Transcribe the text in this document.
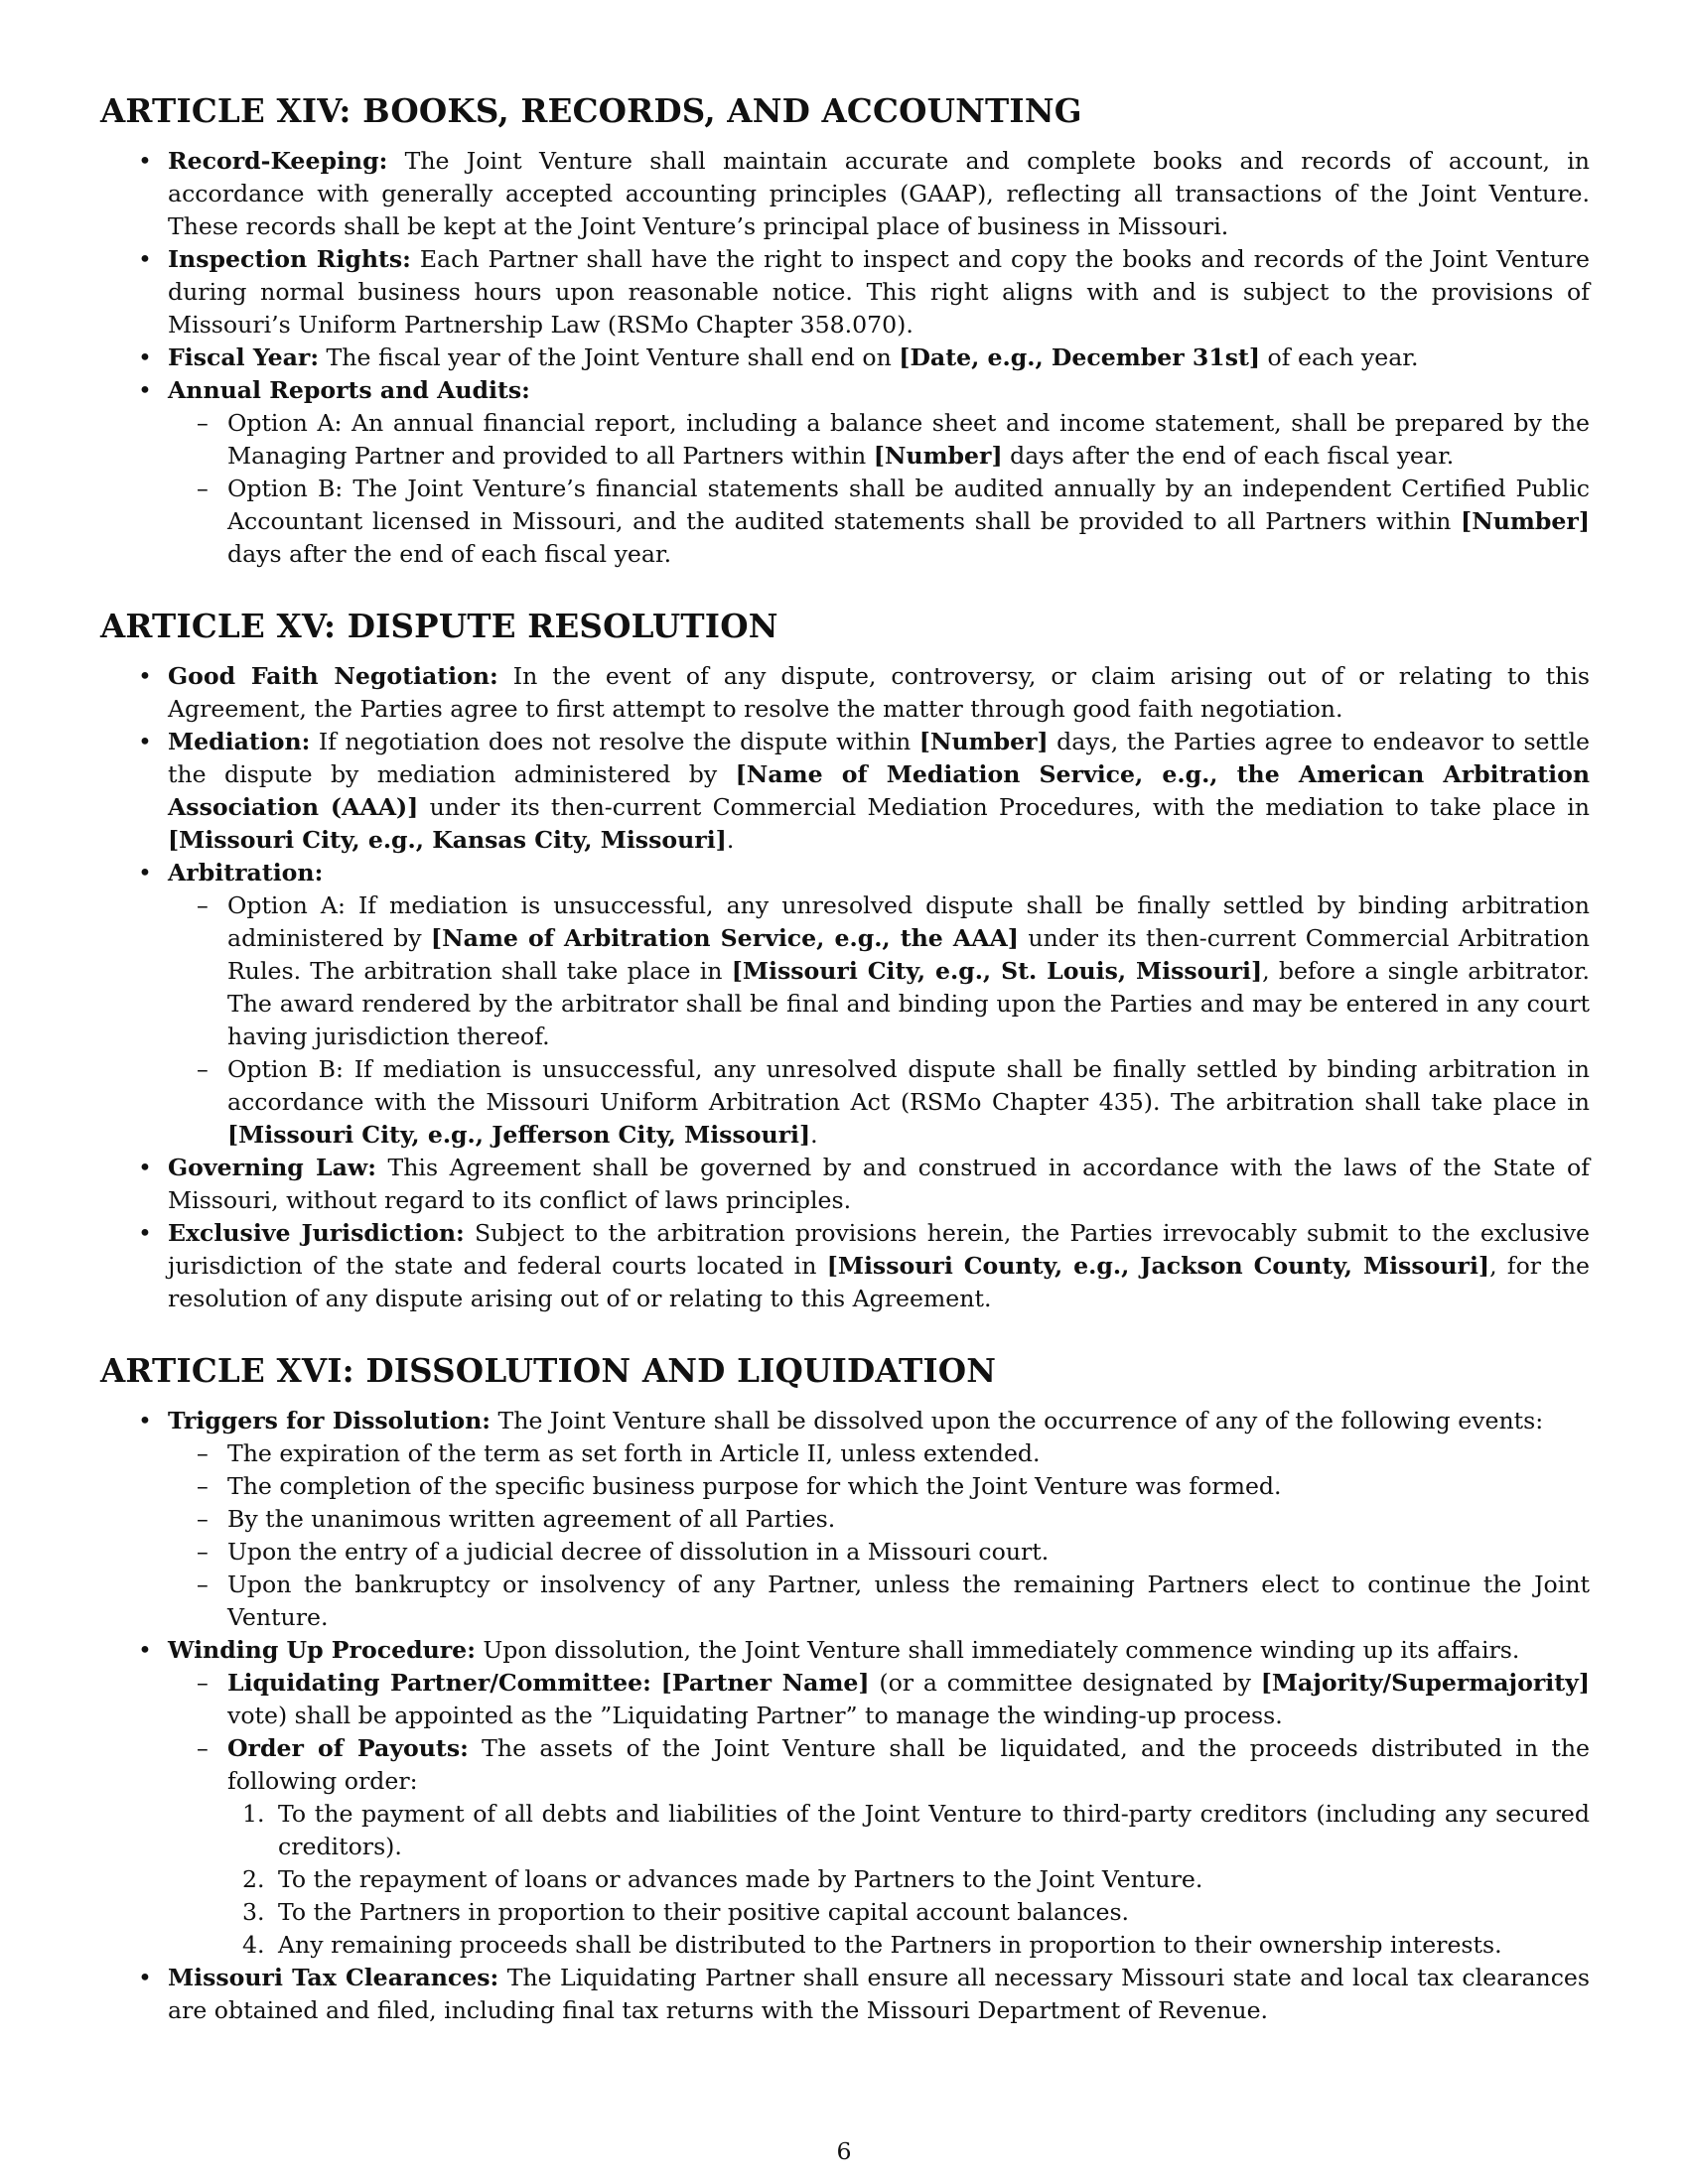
ARTICLE XIV: BOOKS, RECORDS, AND ACCOUNTING
• Record-Keeping: The Joint Venture shall maintain accurate and complete books and records of account, in accordance with generally accepted accounting principles (GAAP), reflecting all transactions of the Joint Venture. These records shall be kept at the Joint Venture’s principal place of business in Missouri.
• Inspection Rights: Each Partner shall have the right to inspect and copy the books and records of the Joint Venture during normal business hours upon reasonable notice. This right aligns with and is subject to the provisions of Missouri’s Uniform Partnership Law (RSMo Chapter 358.070).
• Fiscal Year: The fiscal year of the Joint Venture shall end on [Date, e.g., December 31st] of each year.
• Annual Reports and Audits:
– Option A: An annual financial report, including a balance sheet and income statement, shall be prepared by the Managing Partner and provided to all Partners within [Number] days after the end of each fiscal year.
– Option B: The Joint Venture’s financial statements shall be audited annually by an independent Certified Public Accountant licensed in Missouri, and the audited statements shall be provided to all Partners within [Number] days after the end of each fiscal year.
ARTICLE XV: DISPUTE RESOLUTION
• Good Faith Negotiation: In the event of any dispute, controversy, or claim arising out of or relating to this Agreement, the Parties agree to first attempt to resolve the matter through good faith negotiation.
• Mediation: If negotiation does not resolve the dispute within [Number] days, the Parties agree to endeavor to settle the dispute by mediation administered by [Name of Mediation Service, e.g., the American Arbitration Association (AAA)] under its then-current Commercial Mediation Procedures, with the mediation to take place in [Missouri City, e.g., Kansas City, Missouri].
• Arbitration:
– Option A: If mediation is unsuccessful, any unresolved dispute shall be finally settled by binding arbitration administered by [Name of Arbitration Service, e.g., the AAA] under its then-current Commercial Arbitration Rules. The arbitration shall take place in [Missouri City, e.g., St. Louis, Missouri], before a single arbitrator. The award rendered by the arbitrator shall be final and binding upon the Parties and may be entered in any court having jurisdiction thereof.
– Option B: If mediation is unsuccessful, any unresolved dispute shall be finally settled by binding arbitration in accordance with the Missouri Uniform Arbitration Act (RSMo Chapter 435). The arbitration shall take place in [Missouri City, e.g., Jefferson City, Missouri].
• Governing Law: This Agreement shall be governed by and construed in accordance with the laws of the State of Missouri, without regard to its conflict of laws principles.
• Exclusive Jurisdiction: Subject to the arbitration provisions herein, the Parties irrevocably submit to the exclusive jurisdiction of the state and federal courts located in [Missouri County, e.g., Jackson County, Missouri], for the resolution of any dispute arising out of or relating to this Agreement.
ARTICLE XVI: DISSOLUTION AND LIQUIDATION
• Triggers for Dissolution: The Joint Venture shall be dissolved upon the occurrence of any of the following events:
– The expiration of the term as set forth in Article II, unless extended.
– The completion of the specific business purpose for which the Joint Venture was formed.
– By the unanimous written agreement of all Parties.
– Upon the entry of a judicial decree of dissolution in a Missouri court.
– Upon the bankruptcy or insolvency of any Partner, unless the remaining Partners elect to continue the Joint Venture.
• Winding Up Procedure: Upon dissolution, the Joint Venture shall immediately commence winding up its affairs.
– Liquidating Partner/Committee: [Partner Name] (or a committee designated by [Majority/Supermajority] vote) shall be appointed as the ”Liquidating Partner” to manage the winding-up process.
– Order of Payouts: The assets of the Joint Venture shall be liquidated, and the proceeds distributed in the following order:
1. To the payment of all debts and liabilities of the Joint Venture to third-party creditors (including any secured creditors).
2. To the repayment of loans or advances made by Partners to the Joint Venture.
3. To the Partners in proportion to their positive capital account balances.
4. Any remaining proceeds shall be distributed to the Partners in proportion to their ownership interests.
• Missouri Tax Clearances: The Liquidating Partner shall ensure all necessary Missouri state and local tax clearances are obtained and filed, including final tax returns with the Missouri Department of Revenue.
6
